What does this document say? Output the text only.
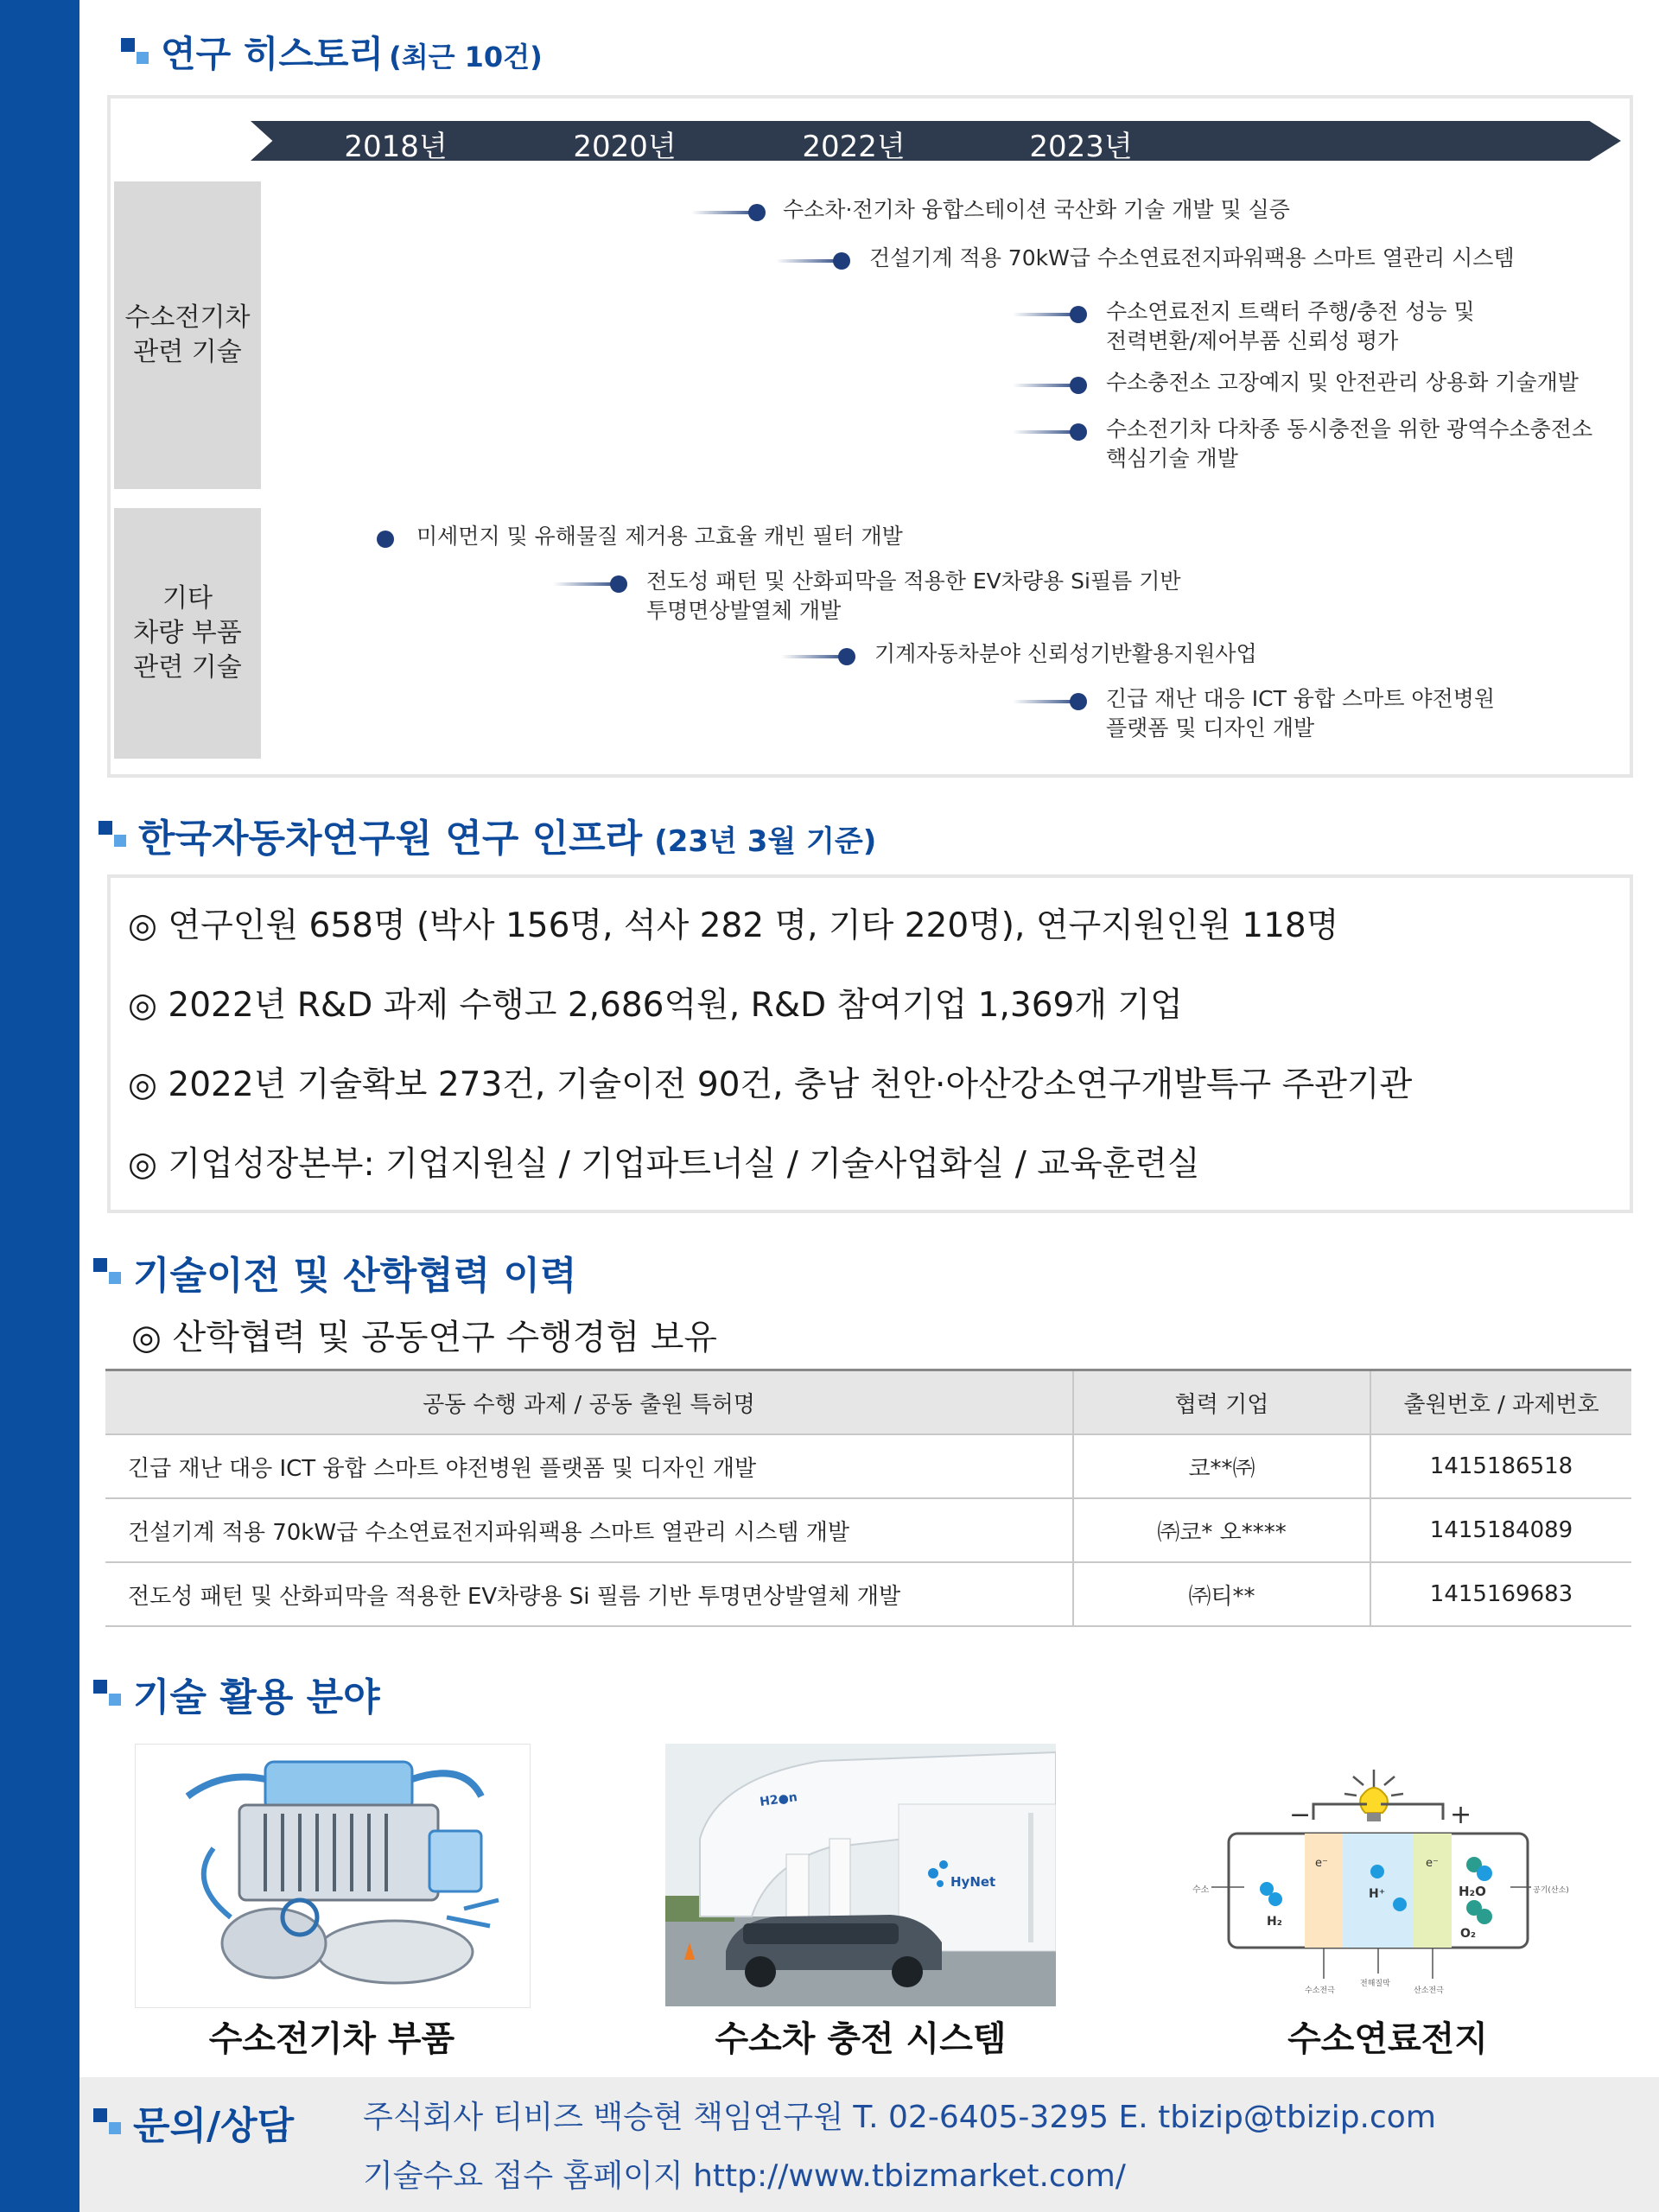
연구 히스토리 (최근 10건)
2018년	2020년	2022년	2023년
수소전기차
관련 기술
기타
차량 부품
관련 기술
수소차·전기차 융합스테이션 국산화 기술 개발 및 실증
건설기계 적용 70kW급 수소연료전지파워팩용 스마트 열관리 시스템
수소연료전지 트랙터 주행/충전 성능 및
전력변환/제어부품 신뢰성 평가
수소충전소 고장예지 및 안전관리 상용화 기술개발
수소전기차 다차종 동시충전을 위한 광역수소충전소
핵심기술 개발
미세먼지 및 유해물질 제거용 고효율 캐빈 필터 개발
전도성 패턴 및 산화피막을 적용한 EV차량용 Si필름 기반
투명면상발열체 개발
기계자동차분야 신뢰성기반활용지원사업
긴급 재난 대응 ICT 융합 스마트 야전병원
플랫폼 및 디자인 개발
한국자동차연구원 연구 인프라 (23년 3월 기준)
◎ 연구인원 658명 (박사 156명, 석사 282 명, 기타 220명), 연구지원인원 118명
◎ 2022년 R&D 과제 수행고 2,686억원, R&D 참여기업 1,369개 기업
◎ 2022년 기술확보 273건, 기술이전 90건, 충남 천안·아산강소연구개발특구 주관기관
◎ 기업성장본부: 기업지원실 / 기업파트너실 / 기술사업화실 / 교육훈련실
기술이전 및 산학협력 이력
◎ 산학협력 및 공동연구 수행경험 보유
공동 수행 과제 / 공동 출원 특허명	협력 기업	출원번호 / 과제번호
긴급 재난 대응 ICT 융합 스마트 야전병원 플랫폼 및 디자인 개발	코**㈜	1415186518
건설기계 적용 70kW급 수소연료전지파워팩용 스마트 열관리 시스템 개발	㈜코* 오****	1415184089
전도성 패턴 및 산화피막을 적용한 EV차량용 Si 필름 기반 투명면상발열체 개발	㈜티**	1415169683
기술 활용 분야
수소전기차 부품
H2●n
HyNet
수소차 충전 시스템
−	+
H₂
H₂O
O₂
H⁺
e⁻	e⁻
수소	공기(산소)
수소전극
전해질막
산소전극
수소연료전지
문의/상담 주식회사 티비즈 백승현 책임연구원 T. 02-6405-3295 E. tbizip@tbizip.com
기술수요 접수 홈페이지 http://www.tbizmarket.com/
